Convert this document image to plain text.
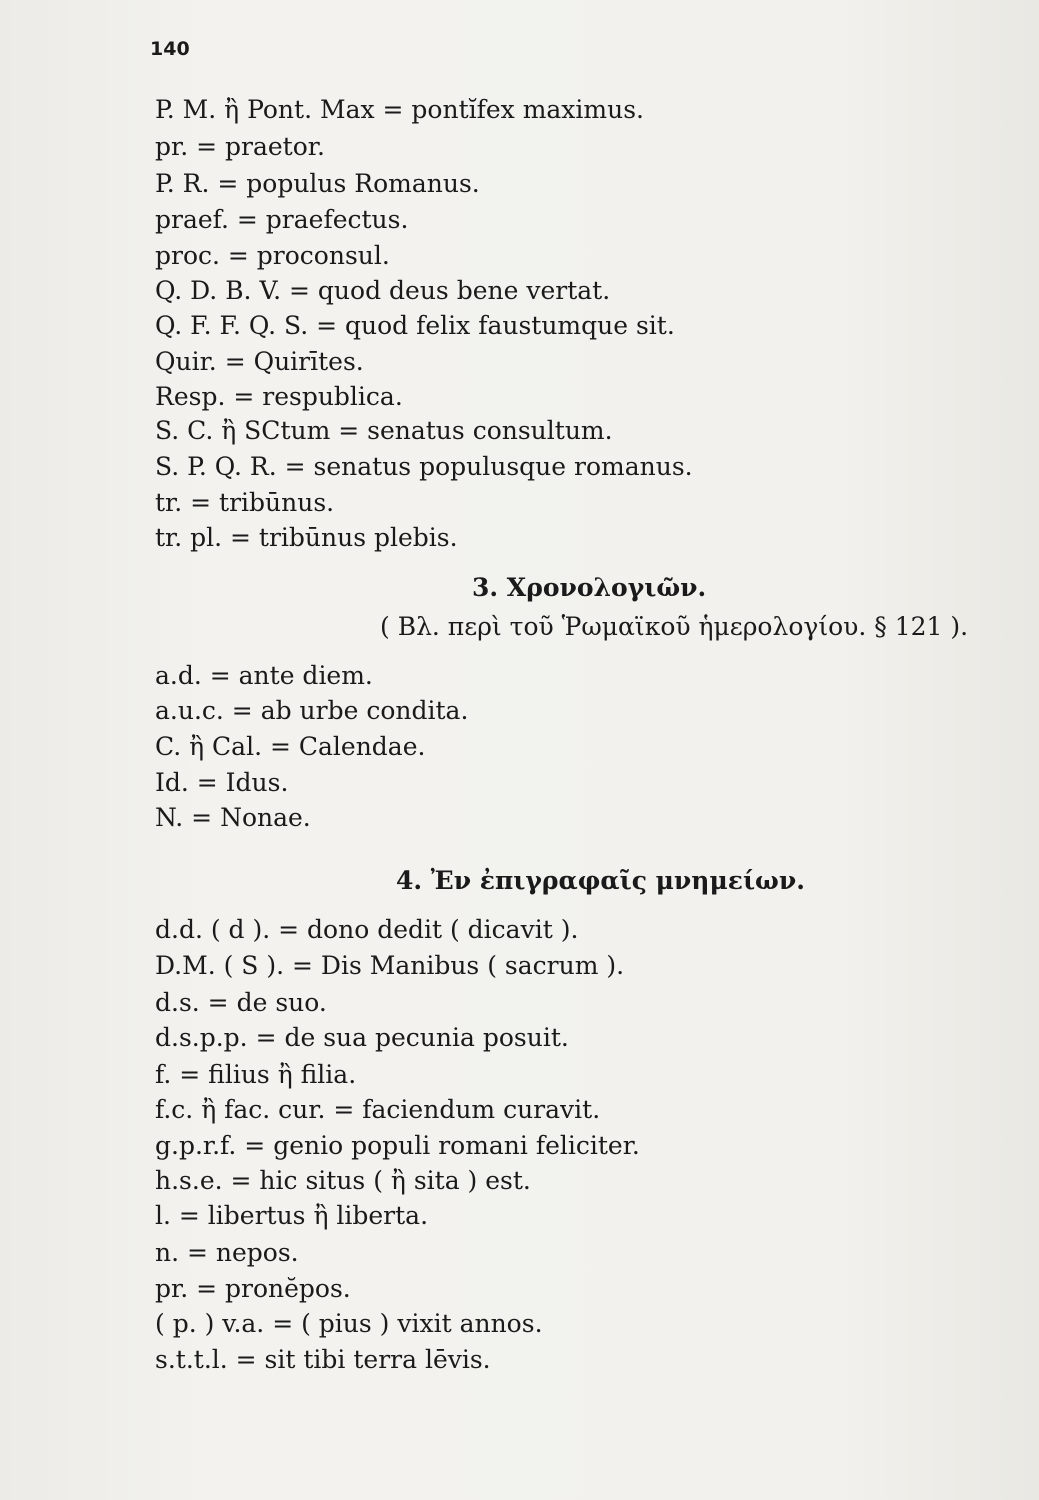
140
P. M. ἢ Pont. Max = pontĭfex maximus.
pr. = praetor.
P. R. = populus Romanus.
praef. = praefectus.
proc. = proconsul.
Q. D. B. V. = quod deus bene vertat.
Q. F. F. Q. S. = quod felix faustumque sit.
Quir. = Quirītes.
Resp. = respublica.
S. C. ἢ SCtum = senatus consultum.
S. P. Q. R. = senatus populusque romanus.
tr. = tribūnus.
tr. pl. = tribūnus plebis.
3. Χρονολογιῶν.
( Βλ. περὶ τοῦ Ῥωμαϊκοῦ ἡμερολογίου. § 121 ).
a.d. = ante diem.
a.u.c. = ab urbe condita.
C. ἢ Cal. = Calendae.
Id. = Idus.
N. = Nonae.
4. Ἐν ἐπιγραφαῖς μνημείων.
d.d. ( d ). = dono dedit ( dicavit ).
D.M. ( S ). = Dis Manibus ( sacrum ).
d.s. = de suo.
d.s.p.p. = de sua pecunia posuit.
f. = filius ἢ filia.
f.c. ἢ fac. cur. = faciendum curavit.
g.p.r.f. = genio populi romani feliciter.
h.s.e. = hic situs ( ἢ sita ) est.
l. = libertus ἢ liberta.
n. = nepos.
pr. = pronĕpos.
( p. ) v.a. = ( pius ) vixit annos.
s.t.t.l. = sit tibi terra lēvis.
